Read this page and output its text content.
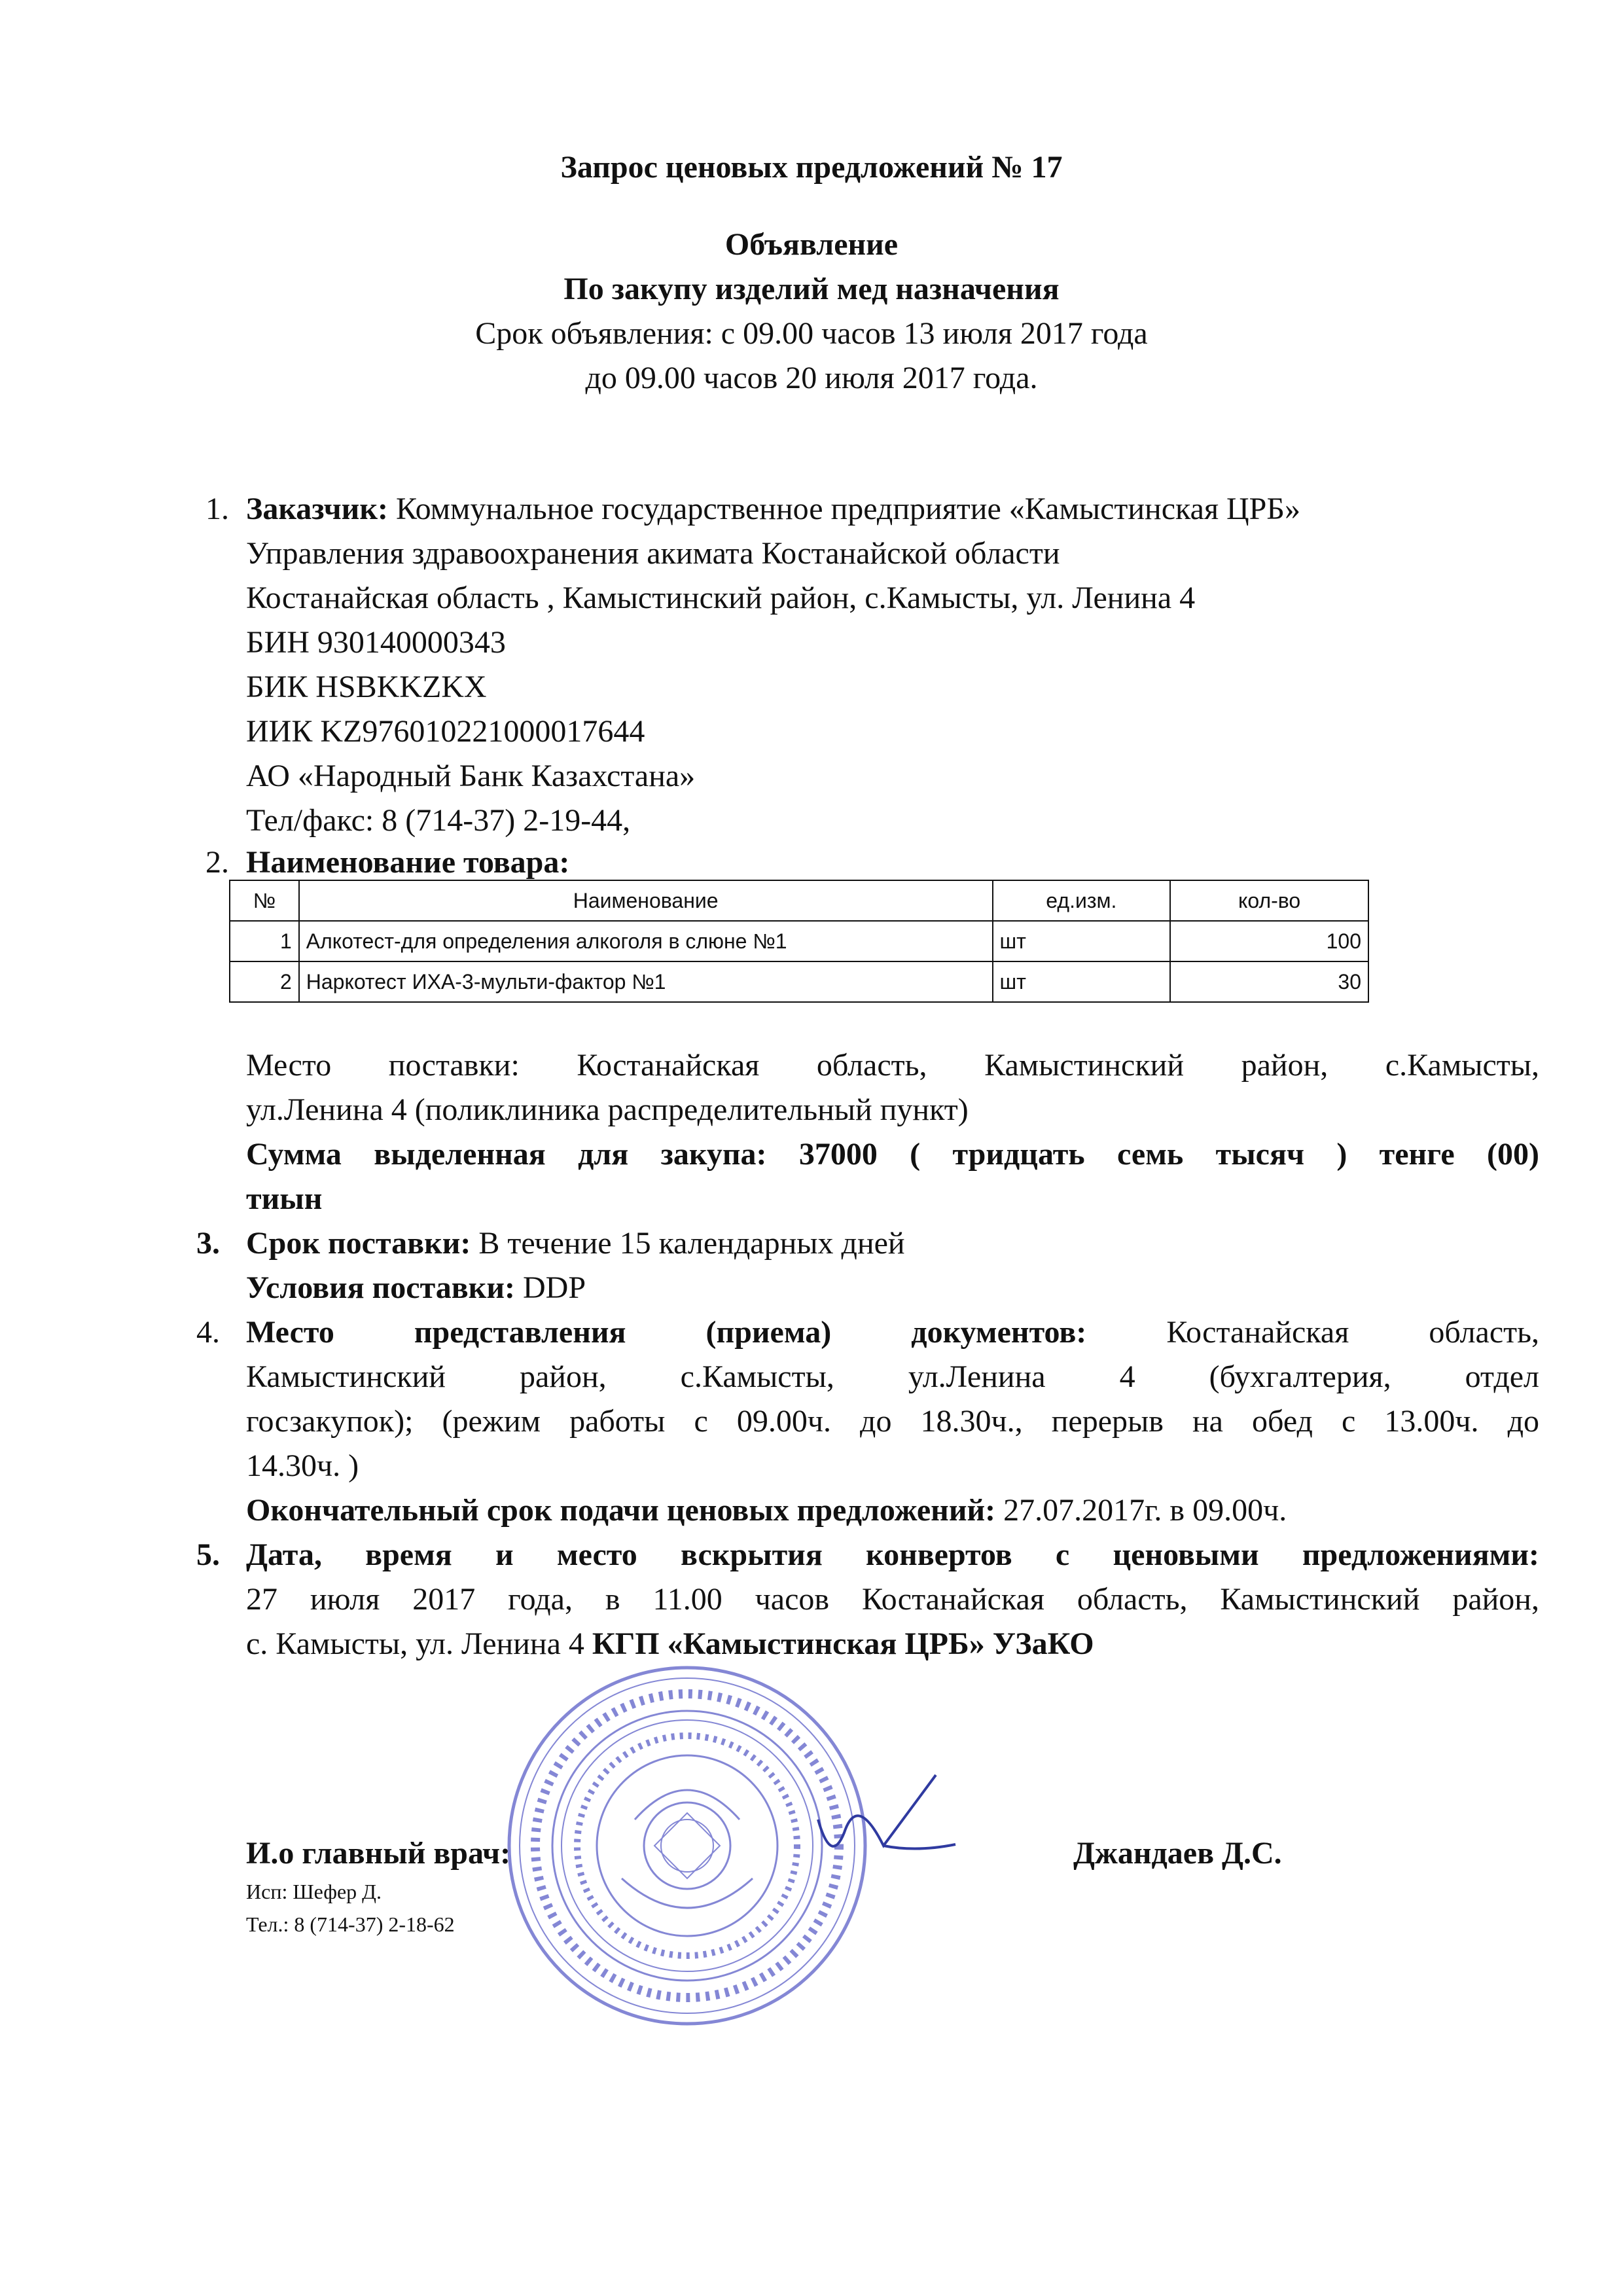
Запрос ценовых предложений № 17
Объявление
По закупу изделий мед назначения
Срок объявления: с 09.00 часов 13 июля 2017 года
до 09.00 часов 20 июля 2017 года.
1. Заказчик: Коммунальное государственное предприятие «Камыстинская ЦРБ»
Управления здравоохранения акимата Костанайской области
Костанайская область , Камыстинский район, с.Камысты, ул. Ленина 4
БИН 930140000343
БИК HSBKKZKX
ИИК KZ976010221000017644
АО «Народный Банк Казахстана»
Тел/факс: 8 (714-37) 2-19-44,
2. Наименование товара:
№	Наименование	ед.изм.	кол-во
1	Алкотест-для определения алкоголя в слюне №1	шт	100
2	Наркотест ИХА-3-мульти-фактор №1	шт	30
Место поставки: Костанайская область, Камыстинский район, с.Камысты,
ул.Ленина 4 (поликлиника распределительный пункт)
Сумма выделенная для закупа: 37000 ( тридцать семь тысяч ) тенге (00)
тиын
3. Срок поставки: В течение 15 календарных дней
Условия поставки: DDP
4. Место представления (приема) документов:	Костанайская область,
Камыстинский район, с.Камысты, ул.Ленина 4 (бухгалтерия, отдел
госзакупок); (режим работы с 09.00ч. до 18.30ч., перерыв на обед с 13.00ч. до
14.30ч. )
Окончательный срок подачи ценовых предложений: 27.07.2017г. в 09.00ч.
5. Дата, время и место вскрытия конвертов с ценовыми предложениями:
27 июля 2017 года, в 11.00 часов Костанайская область, Камыстинский район,
с. Камысты, ул. Ленина 4 КГП «Камыстинская ЦРБ» УЗаКО
И.о главный врач:	Джандаев Д.С.
Исп: Шефер Д.
Тел.: 8 (714-37) 2-18-62
